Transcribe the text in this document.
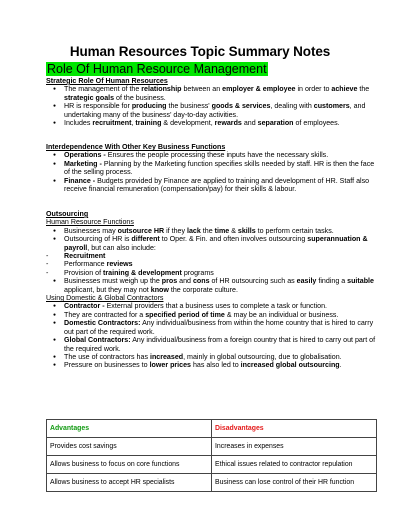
Human Resources Topic Summary Notes
Role Of Human Resource Management
Strategic Role Of Human Resources
● The management of the relationship between an employer & employee in order to achieve the strategic goals of the business.
● HR is responsible for producing the business' goods & services, dealing with customers, and undertaking many of the business' day-to-day activities.
● Includes recruitment, training & development, rewards and separation of employees.
Interdependence With Other Key Business Functions
● Operations - Ensures the people processing these inputs have the necessary skills.
● Marketing - Planning by the Marketing function specifies skills needed by staff. HR is then the face of the selling process.
● Finance - Budgets provided by Finance are applied to training and development of HR. Staff also receive financial remuneration (compensation/pay) for their skills & labour.
Outsourcing
Human Resource Functions
● Businesses may outsource HR if they lack the time & skills to perform certain tasks.
● Outsourcing of HR is different to Oper. & Fin. and often involves outsourcing superannuation & payroll, but can also include:
- Recruitment
- Performance reviews
- Provision of training & development programs
● Businesses must weigh up the pros and cons of HR outsourcing such as easily finding a suitable applicant, but they may not know the corporate culture.
Using Domestic & Global Contractors
● Contractor - External providers that a business uses to complete a task or function.
● They are contracted for a specified period of time & may be an individual or business.
● Domestic Contractors: Any individual/business from within the home country that is hired to carry out part of the required work.
● Global Contractors: Any individual/business from a foreign country that is hired to carry out part of the required work.
● The use of contractors has increased, mainly in global outsourcing, due to globalisation.
● Pressure on businesses to lower prices has also led to increased global outsourcing.
Advantages	Disadvantages
Provides cost savings	Increases in expenses
Allows business to focus on core functions	Ethical issues related to contractor repulation
Allows business to accept HR specialists	Business can lose control of their HR function
